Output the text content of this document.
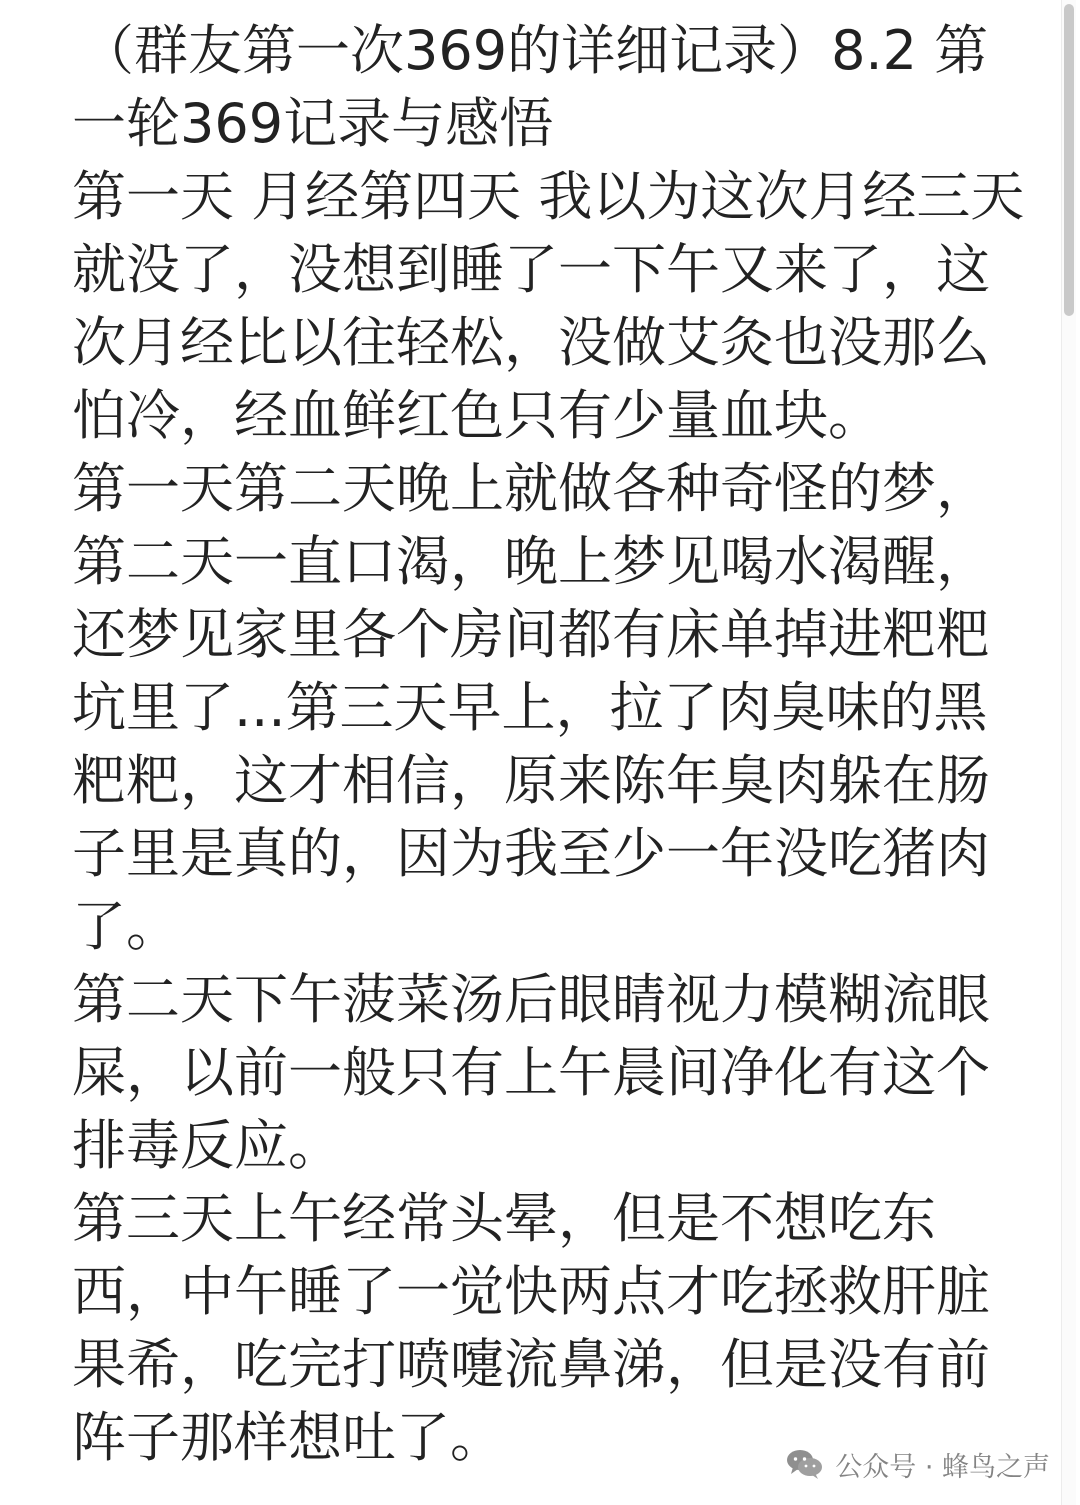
（群友第一次369的详细记录）8.2 第
一轮369记录与感悟
第一天 月经第四天 我以为这次月经三天
就没了，没想到睡了一下午又来了，这
次月经比以往轻松，没做艾灸也没那么
怕冷，经血鲜红色只有少量血块。
第一天第二天晚上就做各种奇怪的梦，
第二天一直口渴，晚上梦见喝水渴醒，
还梦见家里各个房间都有床单掉进粑粑
坑里了...第三天早上，拉了肉臭味的黑
粑粑，这才相信，原来陈年臭肉躲在肠
子里是真的，因为我至少一年没吃猪肉
了。
第二天下午菠菜汤后眼睛视力模糊流眼
屎，以前一般只有上午晨间净化有这个
排毒反应。
第三天上午经常头晕，但是不想吃东
西，中午睡了一觉快两点才吃拯救肝脏
果希，吃完打喷嚏流鼻涕，但是没有前
阵子那样想吐了。	公众号 · 蜂鸟之声
